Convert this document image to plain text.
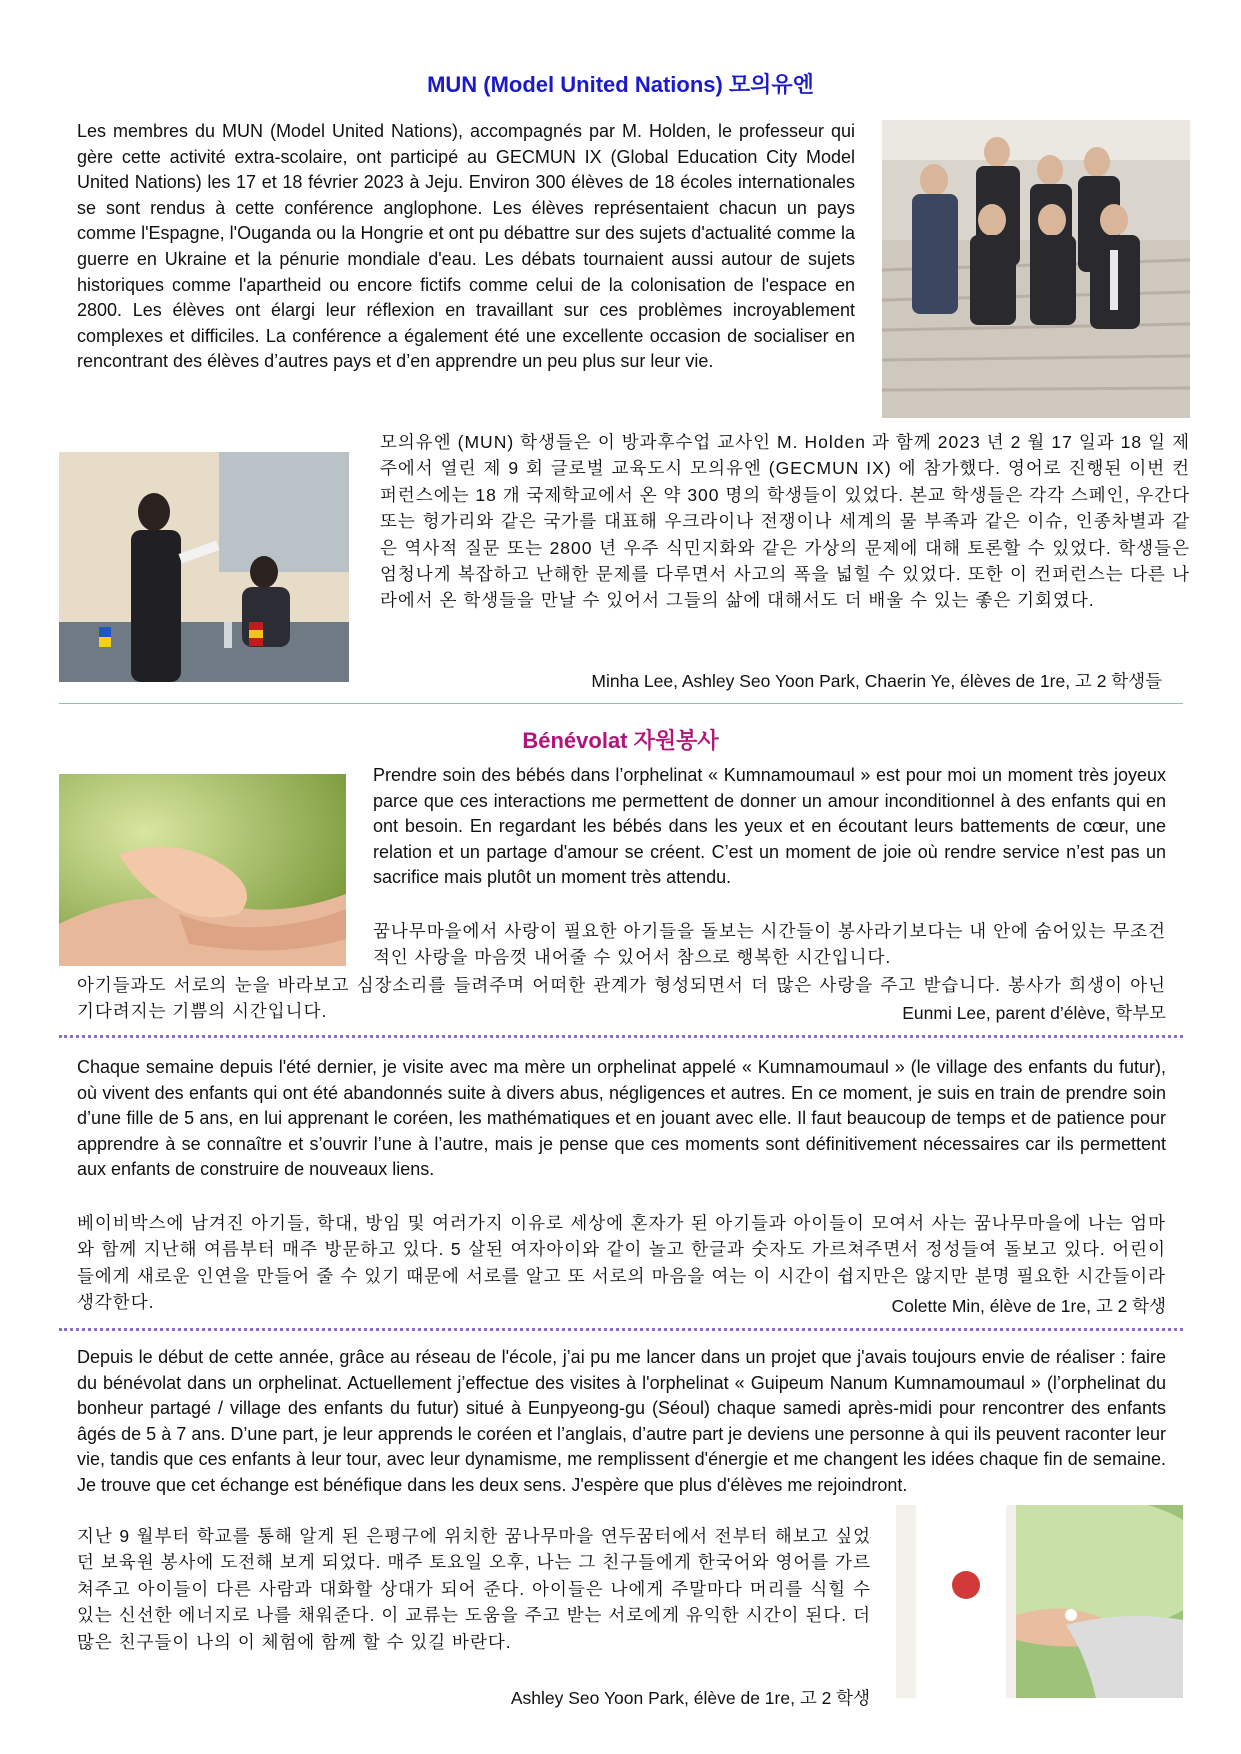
MUN (Model United Nations) 모의유엔
Les membres du MUN (Model United Nations), accompagnés par M. Holden, le professeur qui gère cette activité extra-scolaire, ont participé au GECMUN IX (Global Education City Model United Nations) les 17 et 18 février 2023 à Jeju. Environ 300 élèves de 18 écoles internationales se sont rendus à cette conférence anglophone. Les élèves représentaient chacun un pays comme l'Espagne, l'Ouganda ou la Hongrie et ont pu débattre sur des sujets d'actualité comme la guerre en Ukraine et la pénurie mondiale d'eau. Les débats tournaient aussi autour de sujets historiques comme l'apartheid ou encore fictifs comme celui de la colonisation de l'espace en 2800. Les élèves ont élargi leur réflexion en travaillant sur ces problèmes incroyablement complexes et difficiles. La conférence a également été une excellente occasion de socialiser en rencontrant des élèves d’autres pays et d’en apprendre un peu plus sur leur vie.
모의유엔 (MUN) 학생들은 이 방과후수업 교사인 M. Holden 과 함께 2023 년 2 월 17 일과 18 일 제주에서 열린 제 9 회 글로벌 교육도시 모의유엔 (GECMUN IX) 에 참가했다. 영어로 진행된 이번 컨퍼런스에는 18 개 국제학교에서 온 약 300 명의 학생들이 있었다. 본교 학생들은 각각 스페인, 우간다 또는 헝가리와 같은 국가를 대표해 우크라이나 전쟁이나 세계의 물 부족과 같은 이슈, 인종차별과 같은 역사적 질문 또는 2800 년 우주 식민지화와 같은 가상의 문제에 대해 토론할 수 있었다. 학생들은 엄청나게 복잡하고 난해한 문제를 다루면서 사고의 폭을 넓힐 수 있었다. 또한 이 컨퍼런스는 다른 나라에서 온 학생들을 만날 수 있어서 그들의 삶에 대해서도 더 배울 수 있는 좋은 기회였다.
Minha Lee, Ashley Seo Yoon Park, Chaerin Ye, élèves de 1re, 고 2 학생들
Bénévolat 자원봉사
Prendre soin des bébés dans l’orphelinat « Kumnamoumaul » est pour moi un moment très joyeux parce que ces interactions me permettent de donner un amour inconditionnel à des enfants qui en ont besoin. En regardant les bébés dans les yeux et en écoutant leurs battements de cœur, une relation et un partage d'amour se créent. C’est un moment de joie où rendre service n’est pas un sacrifice mais plutôt un moment très attendu.
꿈나무마을에서 사랑이 필요한 아기들을 돌보는 시간들이 봉사라기보다는 내 안에 숨어있는 무조건적인 사랑을 마음껏 내어줄 수 있어서 참으로 행복한 시간입니다.
아기들과도 서로의 눈을 바라보고 심장소리를 들려주며 어떠한 관계가 형성되면서 더 많은 사랑을 주고 받습니다. 봉사가 희생이 아닌 기다려지는 기쁨의 시간입니다.	Eunmi Lee, parent d’élève, 학부모
Chaque semaine depuis l'été dernier, je visite avec ma mère un orphelinat appelé « Kumnamoumaul » (le village des enfants du futur), où vivent des enfants qui ont été abandonnés suite à divers abus, négligences et autres. En ce moment, je suis en train de prendre soin d’une fille de 5 ans, en lui apprenant le coréen, les mathématiques et en jouant avec elle. Il faut beaucoup de temps et de patience pour apprendre à se connaître et s’ouvrir l’une à l’autre, mais je pense que ces moments sont définitivement nécessaires car ils permettent aux enfants de construire de nouveaux liens.
베이비박스에 남겨진 아기들, 학대, 방임 및 여러가지 이유로 세상에 혼자가 된 아기들과 아이들이 모여서 사는 꿈나무마을에 나는 엄마와 함께 지난해 여름부터 매주 방문하고 있다. 5 살된 여자아이와 같이 놀고 한글과 숫자도 가르쳐주면서 정성들여 돌보고 있다. 어린이들에게 새로운 인연을 만들어 줄 수 있기 때문에 서로를 알고 또 서로의 마음을 여는 이 시간이 쉽지만은 않지만 분명 필요한 시간들이라 생각한다.	Colette Min, élève de 1re, 고 2 학생
Depuis le début de cette année, grâce au réseau de l'école, j’ai pu me lancer dans un projet que j'avais toujours envie de réaliser : faire du bénévolat dans un orphelinat. Actuellement j’effectue des visites à l'orphelinat « Guipeum Nanum Kumnamoumaul » (l’orphelinat du bonheur partagé / village des enfants du futur) situé à Eunpyeong-gu (Séoul) chaque samedi après-midi pour rencontrer des enfants âgés de 5 à 7 ans. D’une part, je leur apprends le coréen et l’anglais, d’autre part je deviens une personne à qui ils peuvent raconter leur vie, tandis que ces enfants à leur tour, avec leur dynamisme, me remplissent d'énergie et me changent les idées chaque fin de semaine. Je trouve que cet échange est bénéfique dans les deux sens. J'espère que plus d'élèves me rejoindront.
지난 9 월부터 학교를 통해 알게 된 은평구에 위치한 꿈나무마을 연두꿈터에서 전부터 해보고 싶었던 보육원 봉사에 도전해 보게 되었다. 매주 토요일 오후, 나는 그 친구들에게 한국어와 영어를 가르쳐주고 아이들이 다른 사람과 대화할 상대가 되어 준다. 아이들은 나에게 주말마다 머리를 식힐 수 있는 신선한 에너지로 나를 채워준다. 이 교류는 도움을 주고 받는 서로에게 유익한 시간이 된다. 더 많은 친구들이 나의 이 체험에 함께 할 수 있길 바란다.
Ashley Seo Yoon Park, élève de 1re, 고 2 학생
